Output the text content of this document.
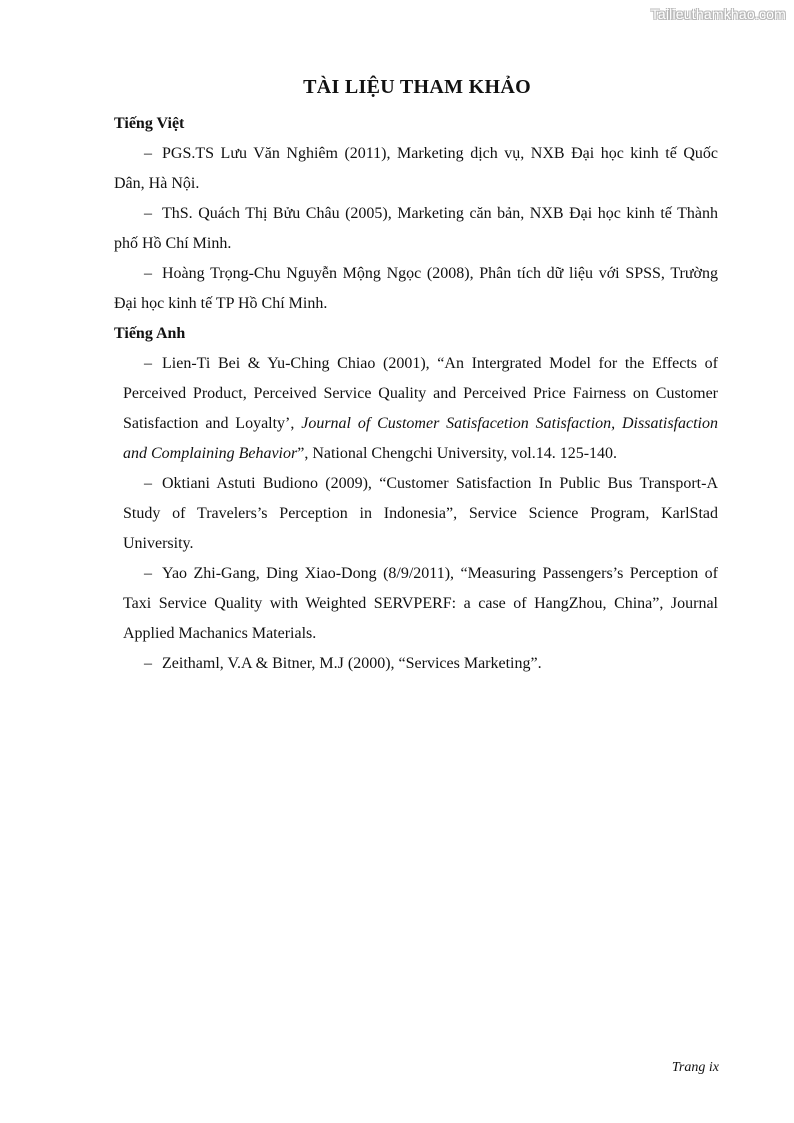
Tailieuthamkhao.com
TÀI LIỆU THAM KHẢO

Tiếng Việt

– PGS.TS Lưu Văn Nghiêm (2011), Marketing dịch vụ, NXB Đại học kinh tế Quốc Dân, Hà Nội.

– ThS. Quách Thị Bửu Châu (2005), Marketing căn bản, NXB Đại học kinh tế Thành phố Hồ Chí Minh.

– Hoàng Trọng-Chu Nguyễn Mộng Ngọc (2008), Phân tích dữ liệu với SPSS, Trường Đại học kinh tế TP Hồ Chí Minh.

Tiếng Anh

– Lien-Ti Bei & Yu-Ching Chiao (2001), “An Intergrated Model for the Effects of Perceived Product, Perceived Service Quality and Perceived Price Fairness on Customer Satisfaction and Loyalty’, Journal of Customer Satisfacetion Satisfaction, Dissatisfaction and Complaining Behavior”, National Chengchi University, vol.14. 125-140.

– Oktiani Astuti Budiono (2009), “Customer Satisfaction In Public Bus Transport-A Study of Travelers’s Perception in Indonesia”, Service Science Program, KarlStad University.

– Yao Zhi-Gang, Ding Xiao-Dong (8/9/2011), “Measuring Passengers’s Perception of Taxi Service Quality with Weighted SERVPERF: a case of HangZhou, China”, Journal Applied Machanics Materials.

– Zeithaml, V.A & Bitner, M.J (2000), “Services Marketing”.

Trang ix
